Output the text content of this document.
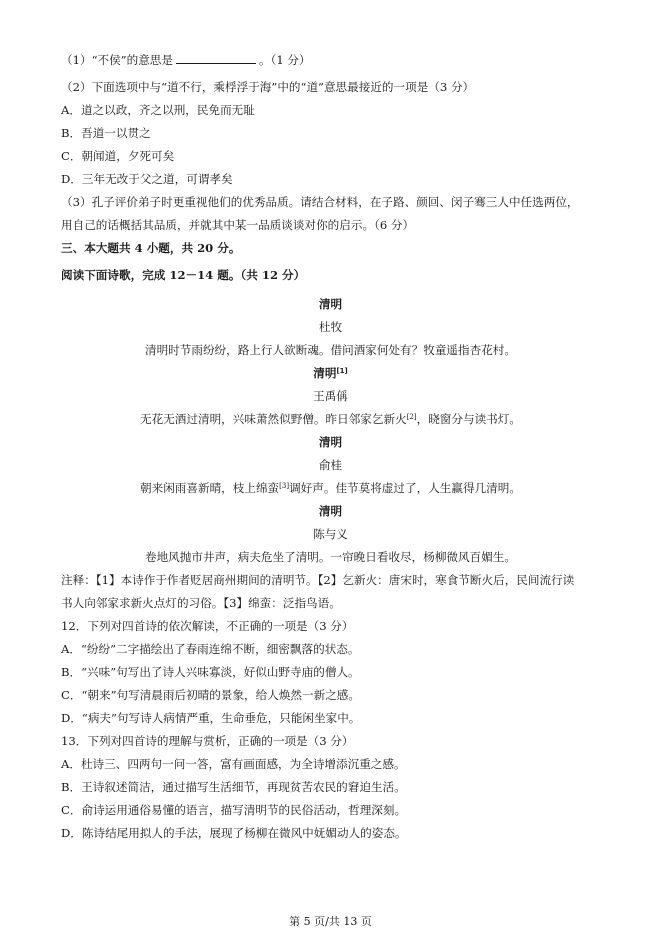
（1）“不侯”的意思是	。（1 分）
（2）下面选项中与“道不行，乘桴浮于海”中的“道”意思最接近的一项是（3 分）
A．道之以政，齐之以刑，民免而无耻
B．吾道一以贯之
C．朝闻道，夕死可矣
D．三年无改于父之道，可谓孝矣
（3）孔子评价弟子时更重视他们的优秀品质。请结合材料，在子路、颜回、闵子骞三人中任选两位，
用自己的话概括其品质，并就其中某一品质谈谈对你的启示。（6 分）
三、本大题共 4 小题，共 20 分。
阅读下面诗歌，完成 12－14 题。（共 12 分）
清明
杜牧
清明时节雨纷纷，路上行人欲断魂。借问酒家何处有？牧童遥指杏花村。
清明[1]
王禹偁
无花无酒过清明，兴味萧然似野僧。昨日邻家乞新火[2]，晓窗分与读书灯。
清明
俞桂
朝来闲雨喜新晴，枝上绵蛮[3]调好声。佳节莫将虚过了，人生赢得几清明。
清明
陈与义
卷地风抛市井声，病夫危坐了清明。一帘晚日看收尽，杨柳微风百媚生。
注释：【1】本诗作于作者贬居商州期间的清明节。【2】乞新火：唐宋时，寒食节断火后，民间流行读
书人向邻家求新火点灯的习俗。【3】绵蛮：泛指鸟语。
12．下列对四首诗的依次解读，不正确的一项是（3 分）
A．“纷纷”二字描绘出了春雨连绵不断，细密飘落的状态。
B．“兴味”句写出了诗人兴味寡淡，好似山野寺庙的僧人。
C．“朝来”句写清晨雨后初晴的景象，给人焕然一新之感。
D．“病夫”句写诗人病情严重，生命垂危，只能闲坐家中。
13．下列对四首诗的理解与赏析，正确的一项是（3 分）
A．杜诗三、四两句一问一答，富有画面感，为全诗增添沉重之感。
B．王诗叙述简洁，通过描写生活细节，再现贫苦农民的窘迫生活。
C．俞诗运用通俗易懂的语言，描写清明节的民俗活动，哲理深刻。
D．陈诗结尾用拟人的手法，展现了杨柳在微风中妩媚动人的姿态。
第 5 页/共 13 页
